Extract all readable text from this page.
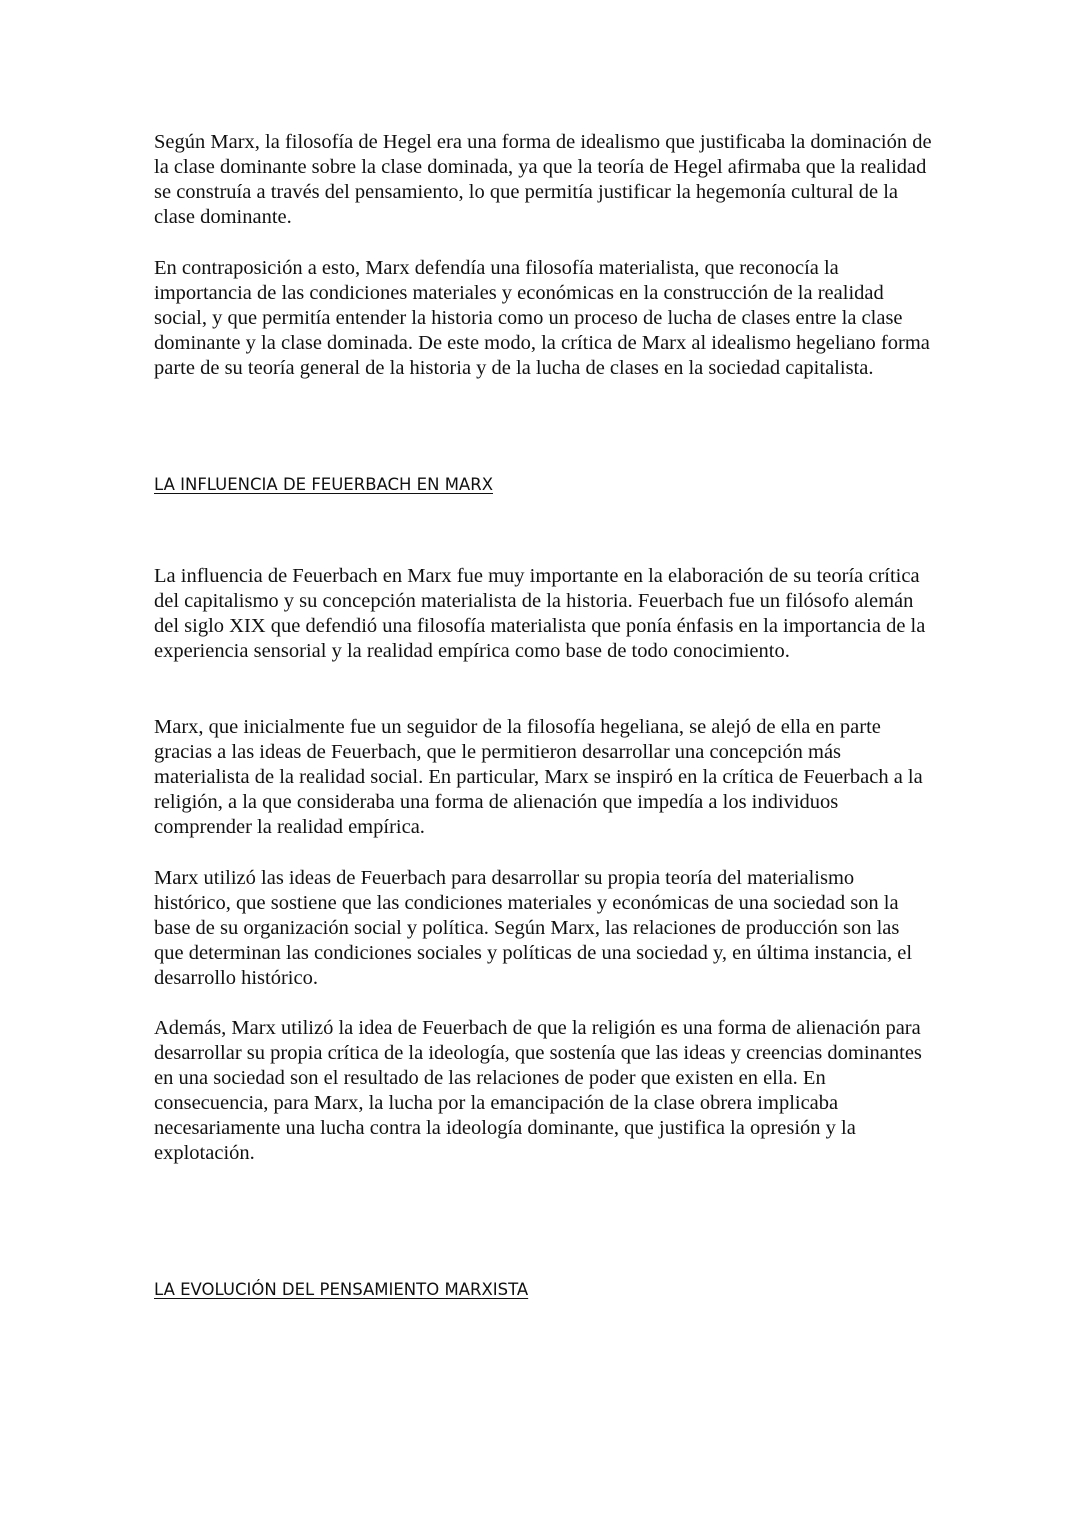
Según Marx, la filosofía de Hegel era una forma de idealismo que justificaba la dominación de la clase dominante sobre la clase dominada, ya que la teoría de Hegel afirmaba que la realidad se construía a través del pensamiento, lo que permitía justificar la hegemonía cultural de la clase dominante.

En contraposición a esto, Marx defendía una filosofía materialista, que reconocía la importancia de las condiciones materiales y económicas en la construcción de la realidad social, y que permitía entender la historia como un proceso de lucha de clases entre la clase dominante y la clase dominada. De este modo, la crítica de Marx al idealismo hegeliano forma parte de su teoría general de la historia y de la lucha de clases en la sociedad capitalista.

LA INFLUENCIA DE FEUERBACH EN MARX

La influencia de Feuerbach en Marx fue muy importante en la elaboración de su teoría crítica del capitalismo y su concepción materialista de la historia. Feuerbach fue un filósofo alemán del siglo XIX que defendió una filosofía materialista que ponía énfasis en la importancia de la experiencia sensorial y la realidad empírica como base de todo conocimiento.

Marx, que inicialmente fue un seguidor de la filosofía hegeliana, se alejó de ella en parte gracias a las ideas de Feuerbach, que le permitieron desarrollar una concepción más materialista de la realidad social. En particular, Marx se inspiró en la crítica de Feuerbach a la religión, a la que consideraba una forma de alienación que impedía a los individuos comprender la realidad empírica.

Marx utilizó las ideas de Feuerbach para desarrollar su propia teoría del materialismo histórico, que sostiene que las condiciones materiales y económicas de una sociedad son la base de su organización social y política. Según Marx, las relaciones de producción son las que determinan las condiciones sociales y políticas de una sociedad y, en última instancia, el desarrollo histórico.

Además, Marx utilizó la idea de Feuerbach de que la religión es una forma de alienación para desarrollar su propia crítica de la ideología, que sostenía que las ideas y creencias dominantes en una sociedad son el resultado de las relaciones de poder que existen en ella. En consecuencia, para Marx, la lucha por la emancipación de la clase obrera implicaba necesariamente una lucha contra la ideología dominante, que justifica la opresión y la explotación.

LA EVOLUCIÓN DEL PENSAMIENTO MARXISTA
